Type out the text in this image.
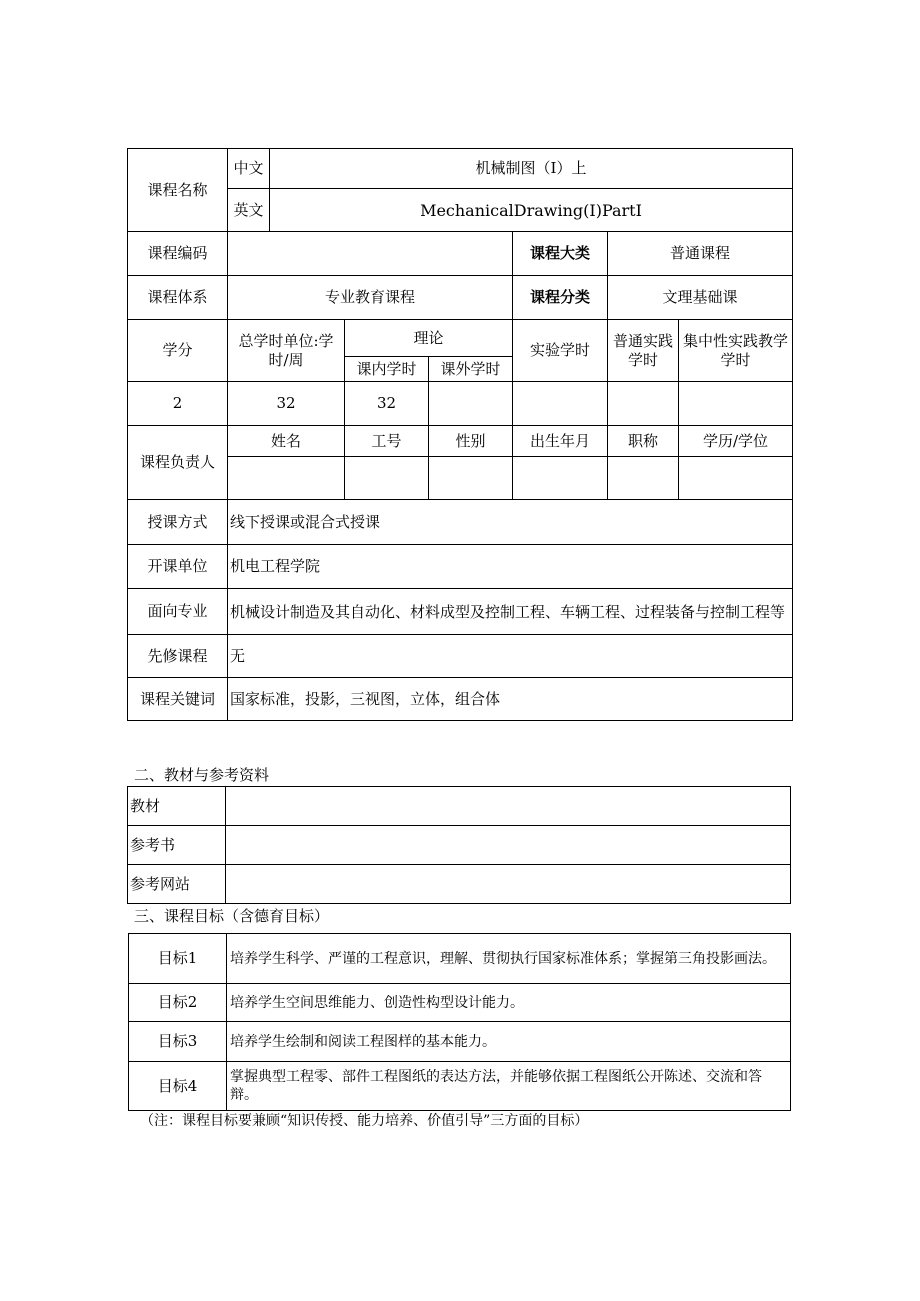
课程名称	中文	机械制图（I）上					
	英文	MechanicalDrawing(I)PartI					
课程编码					课程大类	普通课程	
课程体系	专业教育课程				课程分类	文理基础课	
学分	总学时单位:学时/周		理论		实验学时	普通实践学时	集中性实践教学学时
			课内学时	课外学时			
2	32		32				
课程负责人	姓名		工号	性别	出生年月	职称	学历/学位

授课方式	线下授课或混合式授课						
开课单位	机电工程学院						
面向专业	机械设计制造及其自动化、材料成型及控制工程、车辆工程、过程装备与控制工程等						
先修课程	无						
课程关键词	国家标准，投影，三视图，立体，组合体						
二、教材与参考资料
教材	
参考书	
参考网站	
三、课程目标（含德育目标）
目标1	培养学生科学、严谨的工程意识，理解、贯彻执行国家标准体系；掌握第三角投影画法。
目标2	培养学生空间思维能力、创造性构型设计能力。
目标3	培养学生绘制和阅读工程图样的基本能力。
目标4	掌握典型工程零、部件工程图纸的表达方法，并能够依据工程图纸公开陈述、交流和答辩。
（注：课程目标要兼顾“知识传授、能力培养、价值引导”三方面的目标）
